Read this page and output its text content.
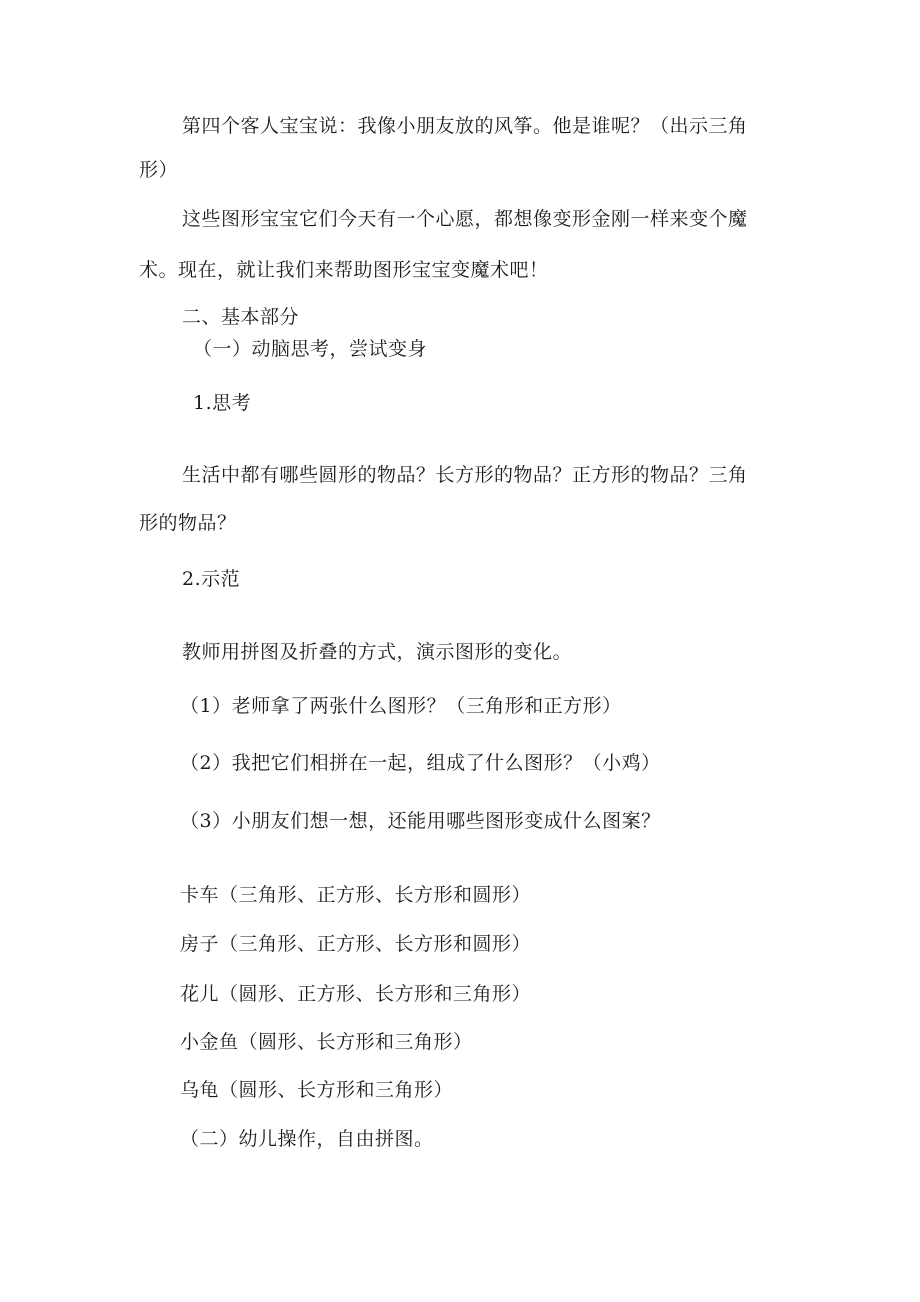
第四个客人宝宝说：我像小朋友放的风筝。他是谁呢？（出示三角
形）
这些图形宝宝它们今天有一个心愿，都想像变形金刚一样来变个魔
术。现在，就让我们来帮助图形宝宝变魔术吧！
二、基本部分
（一）动脑思考，尝试变身
1.思考
生活中都有哪些圆形的物品？长方形的物品？正方形的物品？三角
形的物品？
2.示范
教师用拼图及折叠的方式，演示图形的变化。
（1）老师拿了两张什么图形？（三角形和正方形）
（2）我把它们相拼在一起，组成了什么图形？（小鸡）
（3）小朋友们想一想，还能用哪些图形变成什么图案？
卡车（三角形、正方形、长方形和圆形）
房子（三角形、正方形、长方形和圆形）
花儿（圆形、正方形、长方形和三角形）
小金鱼（圆形、长方形和三角形）
乌龟（圆形、长方形和三角形）
（二）幼儿操作，自由拼图。
